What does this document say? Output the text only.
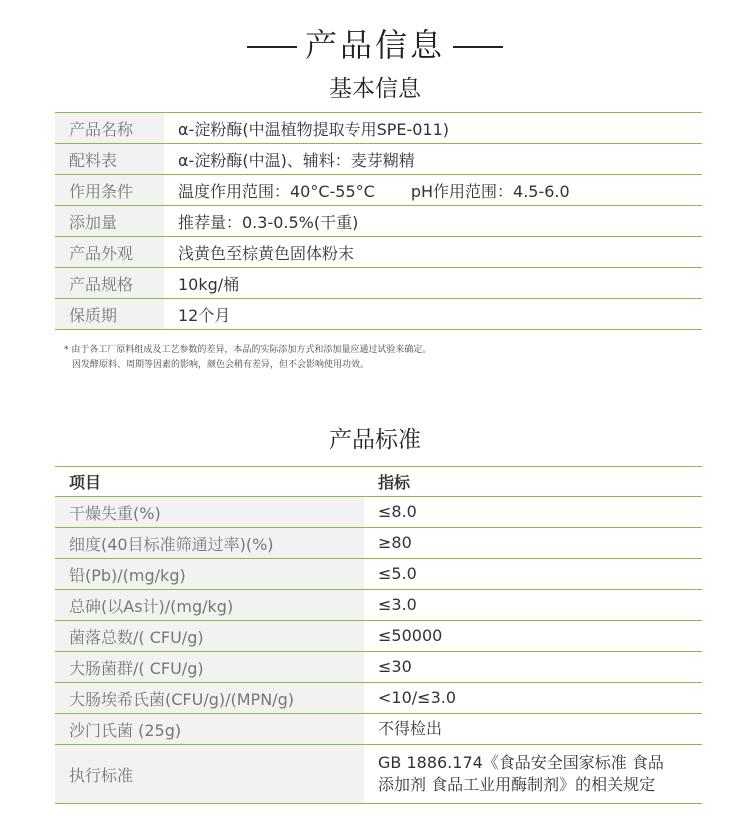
产品信息
基本信息
产品名称	α-淀粉酶(中温植物提取专用SPE-011)
配料表	α-淀粉酶(中温)、辅料：麦芽糊精
作用条件	温度作用范围：40°C-55°C pH作用范围：4.5-6.0
添加量	推荐量：0.3-0.5%(干重)
产品外观	浅黄色至棕黄色固体粉末
产品规格	10kg/桶
保质期	12个月
* 由于各工厂原料组成及工艺参数的差异，本品的实际添加方式和添加量应通过试验来确定。
因发酵原料、周期等因素的影响，颜色会稍有差异，但不会影响使用功效。
产品标准
项目	指标
干燥失重(%)	≤8.0
细度(40目标准筛通过率)(%)	≥80
铅(Pb)/(mg/kg)	≤5.0
总砷(以As计)/(mg/kg)	≤3.0
菌落总数/( CFU/g)	≤50000
大肠菌群/( CFU/g)	≤30
大肠埃希氏菌(CFU/g)/(MPN/g)	<10/≤3.0
沙门氏菌 (25g)	不得检出
执行标准	GB 1886.174《食品安全国家标准 食品
添加剂 食品工业用酶制剂》的相关规定
